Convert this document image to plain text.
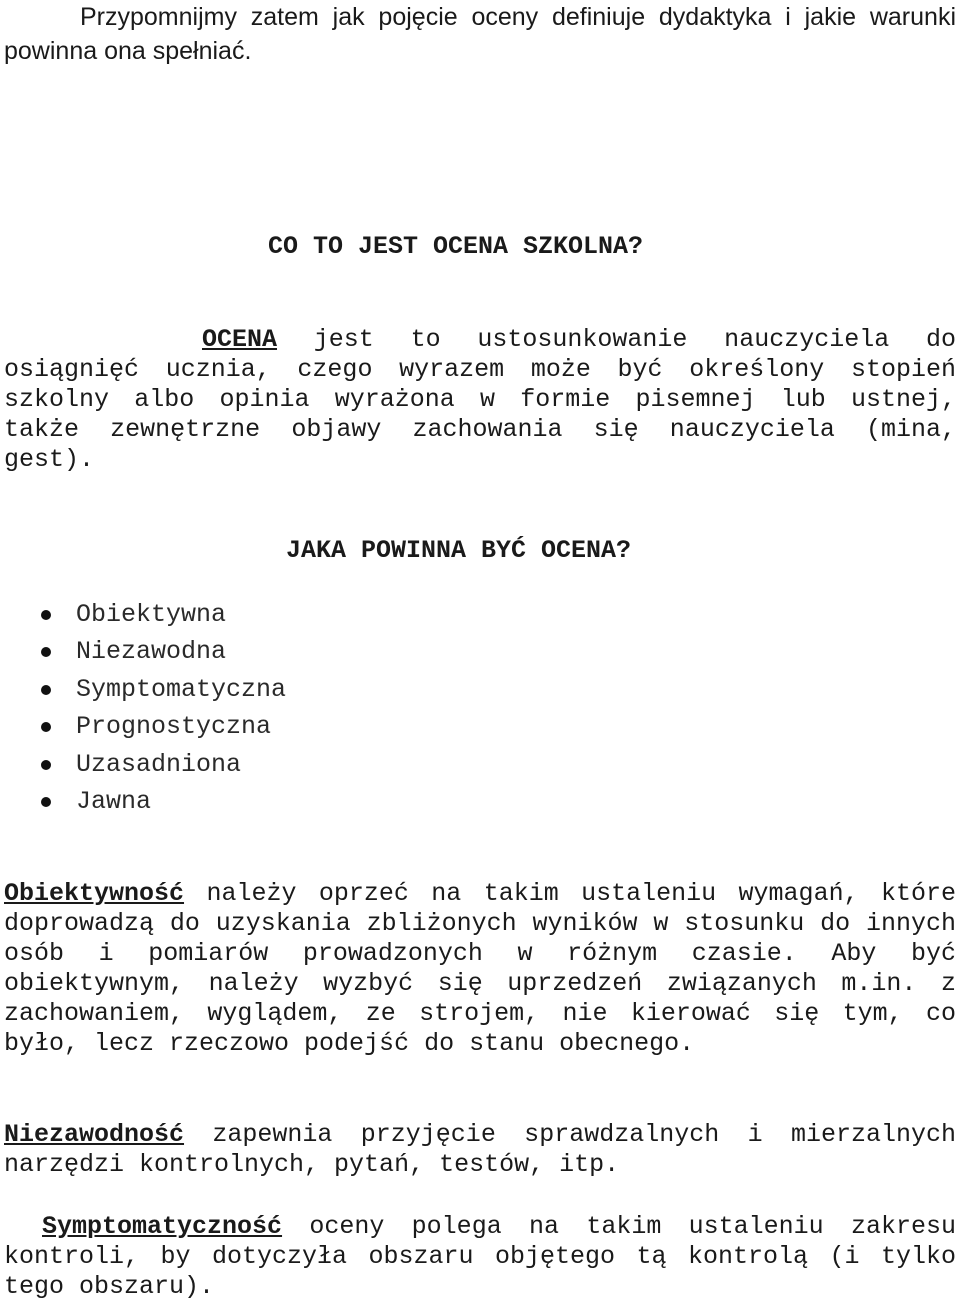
Przypomnijmy zatem jak pojęcie oceny definiuje dydaktyka i jakie warunki powinna ona spełniać.

CO TO JEST OCENA SZKOLNA?

OCENA jest to ustosunkowanie nauczyciela do osiągnięć ucznia, czego wyrazem może być określony stopień szkolny albo opinia wyrażona w formie pisemnej lub ustnej, także zewnętrzne objawy zachowania się nauczyciela (mina, gest).

JAKA POWINNA BYĆ OCENA?
Obiektywna
Niezawodna
Symptomatyczna
Prognostyczna
Uzasadniona
Jawna

Obiektywność należy oprzeć na takim ustaleniu wymagań, które doprowadzą do uzyskania zbliżonych wyników w stosunku do innych osób i pomiarów prowadzonych w różnym czasie. Aby być obiektywnym, należy wyzbyć się uprzedzeń związanych m.in. z zachowaniem, wyglądem, ze strojem, nie kierować się tym, co było, lecz rzeczowo podejść do stanu obecnego.

Niezawodność zapewnia przyjęcie sprawdzalnych i mierzalnych narzędzi kontrolnych, pytań, testów, itp.

Symptomatyczność oceny polega na takim ustaleniu zakresu kontroli, by dotyczyła obszaru objętego tą kontrolą (i tylko tego obszaru).
